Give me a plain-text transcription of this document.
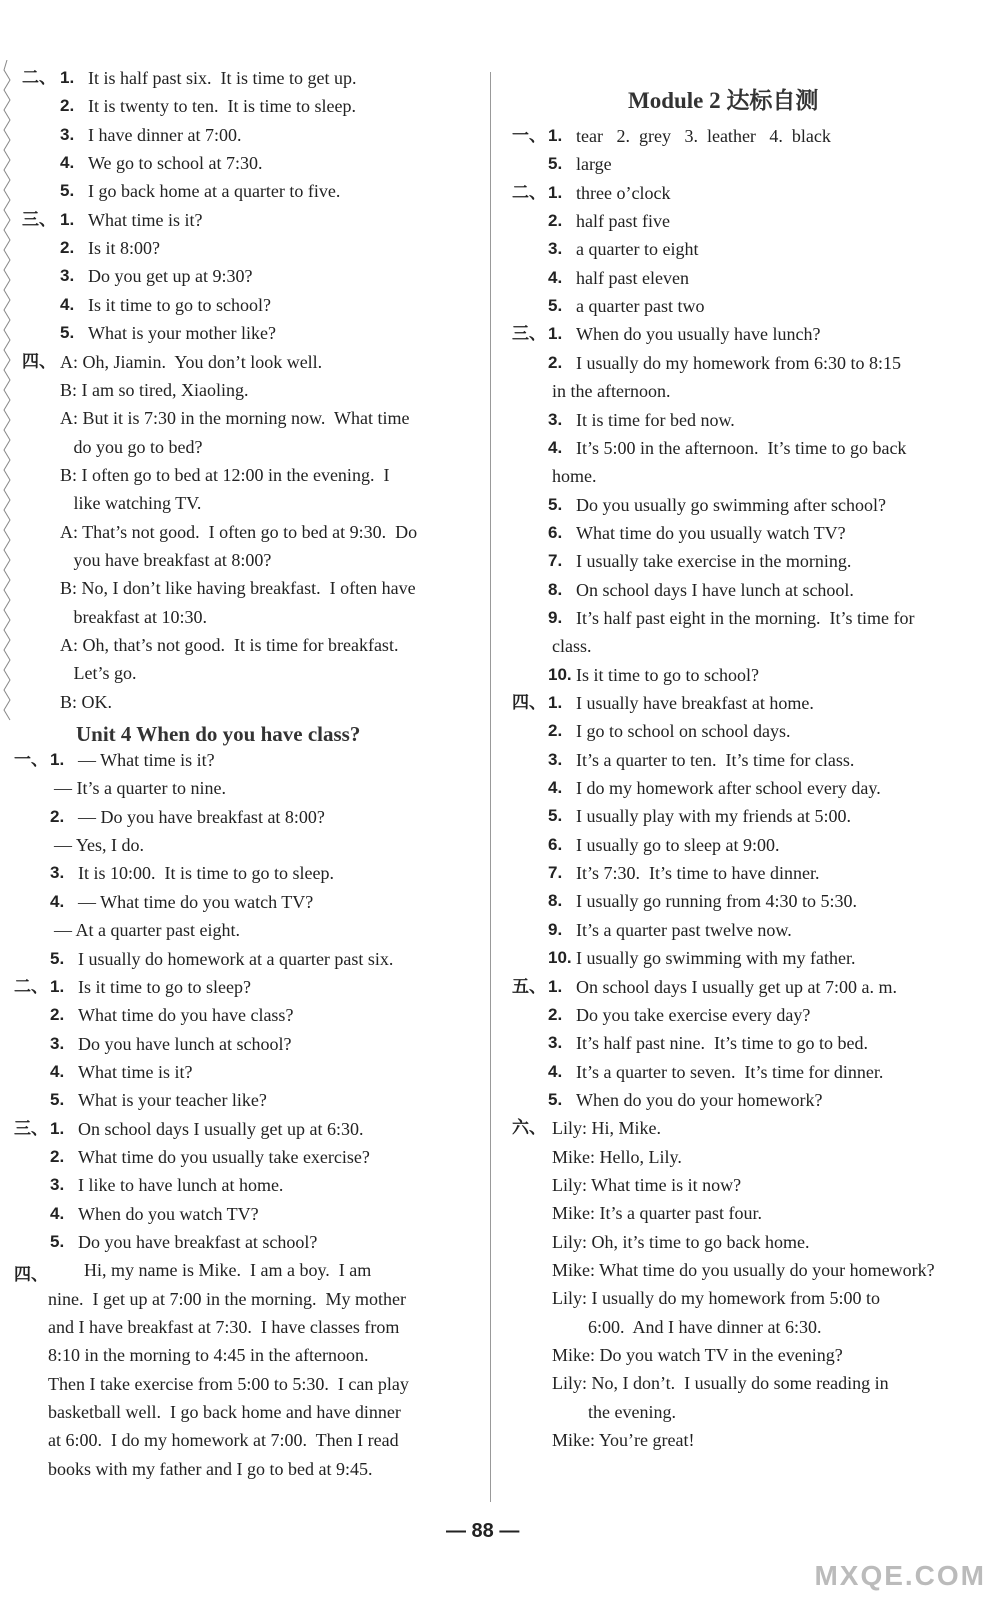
二、 1. It is half past six.  It is time to get up.
2. It is twenty to ten.  It is time to sleep.
3. I have dinner at 7:00.
4. We go to school at 7:30.
5. I go back home at a quarter to five.
三、 1. What time is it?
2. Is it 8:00?
3. Do you get up at 9:30?
4. Is it time to go to school?
5. What is your mother like?
四、 A: Oh, Jiamin.  You don’t look well.
B: I am so tired, Xiaoling.
A: But it is 7:30 in the morning now.  What time
do you go to bed?
B: I often go to bed at 12:00 in the evening.  I
like watching TV.
A: That’s not good.  I often go to bed at 9:30.  Do
you have breakfast at 8:00?
B: No, I don’t like having breakfast.  I often have
breakfast at 10:30.
A: Oh, that’s not good.  It is time for breakfast.
Let’s go.
B: OK.
Unit 4 When do you have class?
一、 1. — What time is it?
— It’s a quarter to nine.
2. — Do you have breakfast at 8:00?
— Yes, I do.
3. It is 10:00.  It is time to go to sleep.
4. — What time do you watch TV?
— At a quarter past eight.
5. I usually do homework at a quarter past six.
二、 1. Is it time to go to sleep?
2. What time do you have class?
3. Do you have lunch at school?
4. What time is it?
5. What is your teacher like?
三、 1. On school days I usually get up at 6:30.
2. What time do you usually take exercise?
3. I like to have lunch at home.
4. When do you watch TV?
5. Do you have breakfast at school?
四、 Hi, my name is Mike.  I am a boy.  I am
nine.  I get up at 7:00 in the morning.  My mother
and I have breakfast at 7:30.  I have classes from
8:10 in the morning to 4:45 in the afternoon.
Then I take exercise from 5:00 to 5:30.  I can play
basketball well.  I go back home and have dinner
at 6:00.  I do my homework at 7:00.  Then I read
books with my father and I go to bed at 9:45.
Module 2 达标自测
一、 1. tear   2.  grey   3.  leather   4.  black
5. large
二、 1. three o’clock
2. half past five
3. a quarter to eight
4. half past eleven
5. a quarter past two
三、 1. When do you usually have lunch?
2. I usually do my homework from 6:30 to 8:15
in the afternoon.
3. It is time for bed now.
4. It’s 5:00 in the afternoon.  It’s time to go back
home.
5. Do you usually go swimming after school?
6. What time do you usually watch TV?
7. I usually take exercise in the morning.
8. On school days I have lunch at school.
9. It’s half past eight in the morning.  It’s time for
class.
10. Is it time to go to school?
四、 1. I usually have breakfast at home.
2. I go to school on school days.
3. It’s a quarter to ten.  It’s time for class.
4. I do my homework after school every day.
5. I usually play with my friends at 5:00.
6. I usually go to sleep at 9:00.
7. It’s 7:30.  It’s time to have dinner.
8. I usually go running from 4:30 to 5:30.
9. It’s a quarter past twelve now.
10. I usually go swimming with my father.
五、 1. On school days I usually get up at 7:00 a. m.
2. Do you take exercise every day?
3. It’s half past nine.  It’s time to go to bed.
4. It’s a quarter to seven.  It’s time for dinner.
5. When do you do your homework?
六、 Lily: Hi, Mike.
Mike: Hello, Lily.
Lily: What time is it now?
Mike: It’s a quarter past four.
Lily: Oh, it’s time to go back home.
Mike: What time do you usually do your homework?
Lily: I usually do my homework from 5:00 to
6:00.  And I have dinner at 6:30.
Mike: Do you watch TV in the evening?
Lily: No, I don’t.  I usually do some reading in
the evening.
Mike: You’re great!
— 88 —
MXQE.COM
